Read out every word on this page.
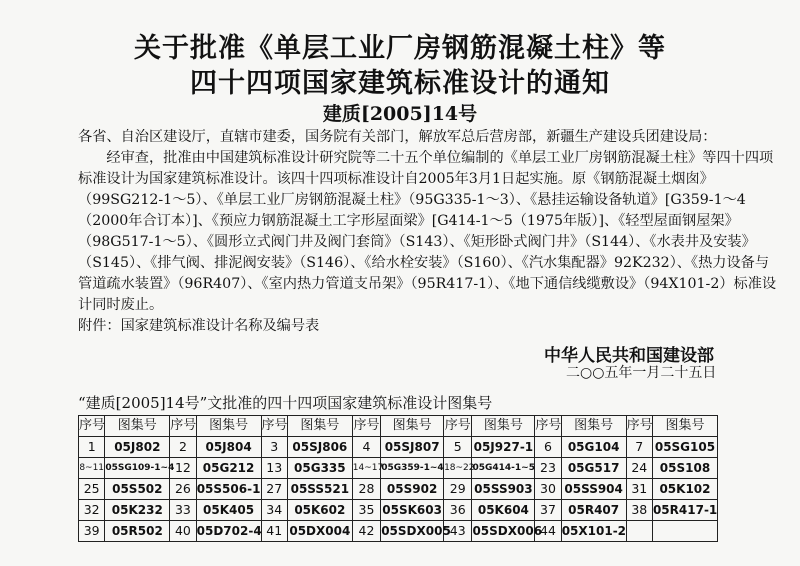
关于批准《单层工业厂房钢筋混凝土柱》等
四十四项国家建筑标准设计的通知
建质[2005]14号
各省、自治区建设厅，直辖市建委，国务院有关部门，解放军总后营房部，新疆生产建设兵团建设局：
经审查，批准由中国建筑标准设计研究院等二十五个单位编制的《单层工业厂房钢筋混凝土柱》等四十四项标准设计为国家建筑标准设计。该四十四项标准设计自2005年3月1日起实施。原《钢筋混凝土烟囱》（99SG212-1～5）、《单层工业厂房钢筋混凝土柱》（95G335-1～3）、《悬挂运输设备轨道》[G359-1～4（2000年合订本）]、《预应力钢筋混凝土工字形屋面梁》[G414-1～5（1975年版）]、《轻型屋面钢屋架》（98G517-1～5）、《圆形立式阀门井及阀门套筒》（S143）、《矩形卧式阀门井》（S144）、《水表井及安装》（S145）、《排气阀、排泥阀安装》（S146）、《给水栓安装》（S160）、《汽水集配器》92K232）、《热力设备与管道疏水装置》（96R407）、《室内热力管道支吊架》（95R417-1）、《地下通信线缆敷设》（94X101-2）标准设计同时废止。
附件：国家建筑标准设计名称及编号表
中华人民共和国建设部
二○○五年一月二十五日
“建质[2005]14号”文批准的四十四项国家建筑标准设计图集号
序号	图集号	序号	图集号	序号	图集号	序号	图集号	序号	图集号	序号	图集号	序号	图集号
1	05J802	2	05J804	3	05SJ806	4	05SJ807	5	05J927-1	6	05G104	7	05SG105
8~11	05SG109-1~4	12	05G212	13	05G335	14~17	05G359-1~4	18~22	05G414-1~5	23	05G517	24	05S108
25	05S502	26	05S506-1	27	05SS521	28	05S902	29	05SS903	30	05SS904	31	05K102
32	05K232	33	05K405	34	05K602	35	05SK603	36	05K604	37	05R407	38	05R417-1
39	05R502	40	05D702-4	41	05DX004	42	05SDX005	43	05SDX006	44	05X101-2		
